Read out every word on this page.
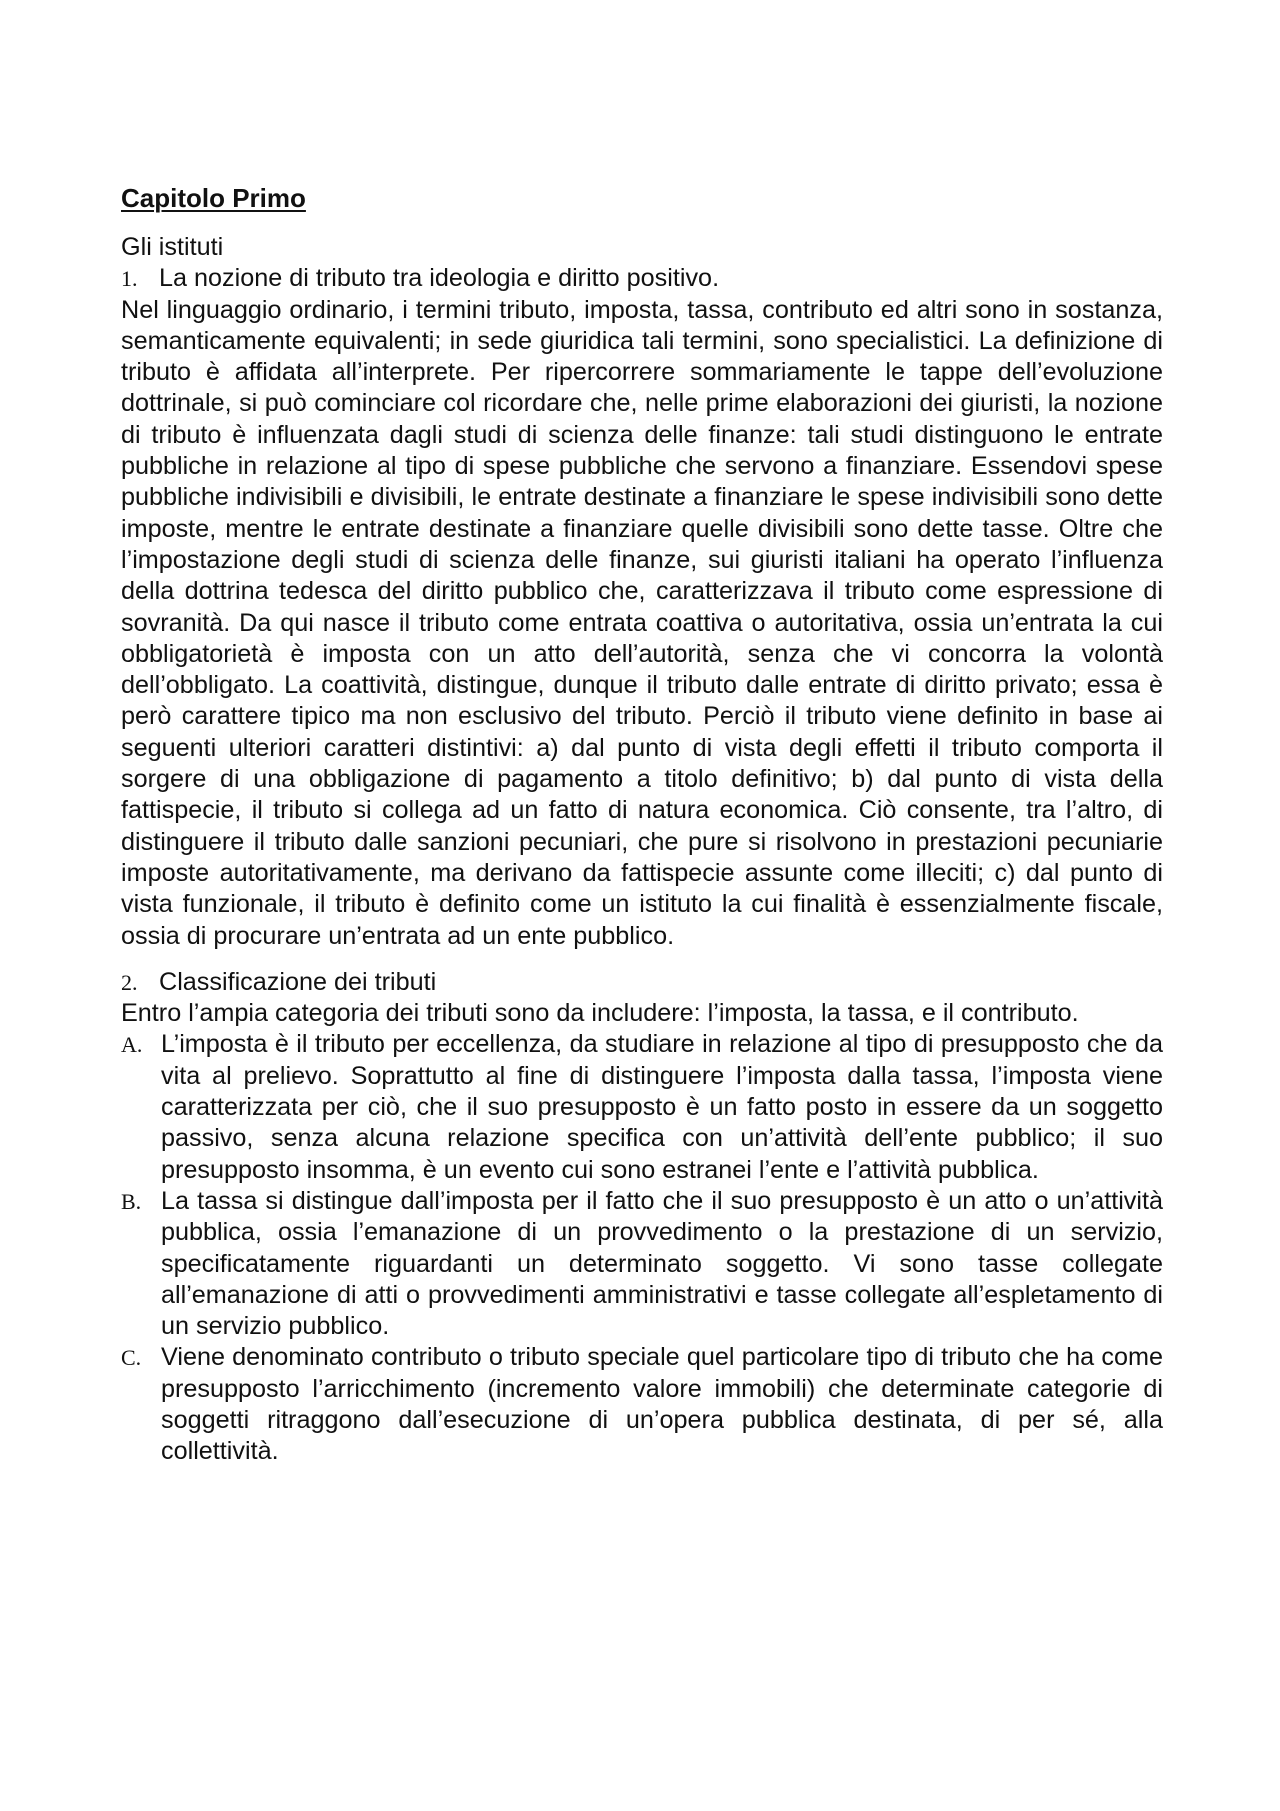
Capitolo Primo

Gli istituti

1. La nozione di tributo tra ideologia e diritto positivo.

Nel linguaggio ordinario, i termini tributo, imposta, tassa, contributo ed altri sono in sostanza, semanticamente equivalenti; in sede giuridica tali termini, sono specialistici. La definizione di tributo è affidata all’interprete. Per ripercorrere sommariamente le tappe dell’evoluzione dottrinale, si può cominciare col ricordare che, nelle prime elaborazioni dei giuristi, la nozione di tributo è influenzata dagli studi di scienza delle finanze: tali studi distinguono le entrate pubbliche in relazione al tipo di spese pubbliche che servono a finanziare. Essendovi spese pubbliche indivisibili e divisibili, le entrate destinate a finanziare le spese indivisibili sono dette imposte, mentre le entrate destinate a finanziare quelle divisibili sono dette tasse. Oltre che l’impostazione degli studi di scienza delle finanze, sui giuristi italiani ha operato l’influenza della dottrina tedesca del diritto pubblico che, caratterizzava il tributo come espressione di sovranità. Da qui nasce il tributo come entrata coattiva o autoritativa, ossia un’entrata la cui obbligatorietà è imposta con un atto dell’autorità, senza che vi concorra la volontà dell’obbligato. La coattività, distingue, dunque il tributo dalle entrate di diritto privato; essa è però carattere tipico ma non esclusivo del tributo. Perciò il tributo viene definito in base ai seguenti ulteriori caratteri distintivi: a) dal punto di vista degli effetti il tributo comporta il sorgere di una obbligazione di pagamento a titolo definitivo; b) dal punto di vista della fattispecie, il tributo si collega ad un fatto di natura economica. Ciò consente, tra l’altro, di distinguere il tributo dalle sanzioni pecuniari, che pure si risolvono in prestazioni pecuniarie imposte autoritativamente, ma derivano da fattispecie assunte come illeciti; c) dal punto di vista funzionale, il tributo è definito come un istituto la cui finalità è essenzialmente fiscale, ossia di procurare un’entrata ad un ente pubblico.

2. Classificazione dei tributi

Entro l’ampia categoria dei tributi sono da includere: l’imposta, la tassa, e il contributo.

A. L’imposta è il tributo per eccellenza, da studiare in relazione al tipo di presupposto che da vita al prelievo. Soprattutto al fine di distinguere l’imposta dalla tassa, l’imposta viene caratterizzata per ciò, che il suo presupposto è un fatto posto in essere da un soggetto passivo, senza alcuna relazione specifica con un’attività dell’ente pubblico; il suo presupposto insomma, è un evento cui sono estranei l’ente e l’attività pubblica.
B. La tassa si distingue dall’imposta per il fatto che il suo presupposto è un atto o un’attività pubblica, ossia l’emanazione di un provvedimento o la prestazione di un servizio, specificatamente riguardanti un determinato soggetto. Vi sono tasse collegate all’emanazione di atti o provvedimenti amministrativi e tasse collegate all’espletamento di un servizio pubblico.
C. Viene denominato contributo o tributo speciale quel particolare tipo di tributo che ha come presupposto l’arricchimento (incremento valore immobili) che determinate categorie di soggetti ritraggono dall’esecuzione di un’opera pubblica destinata, di per sé, alla collettività.
